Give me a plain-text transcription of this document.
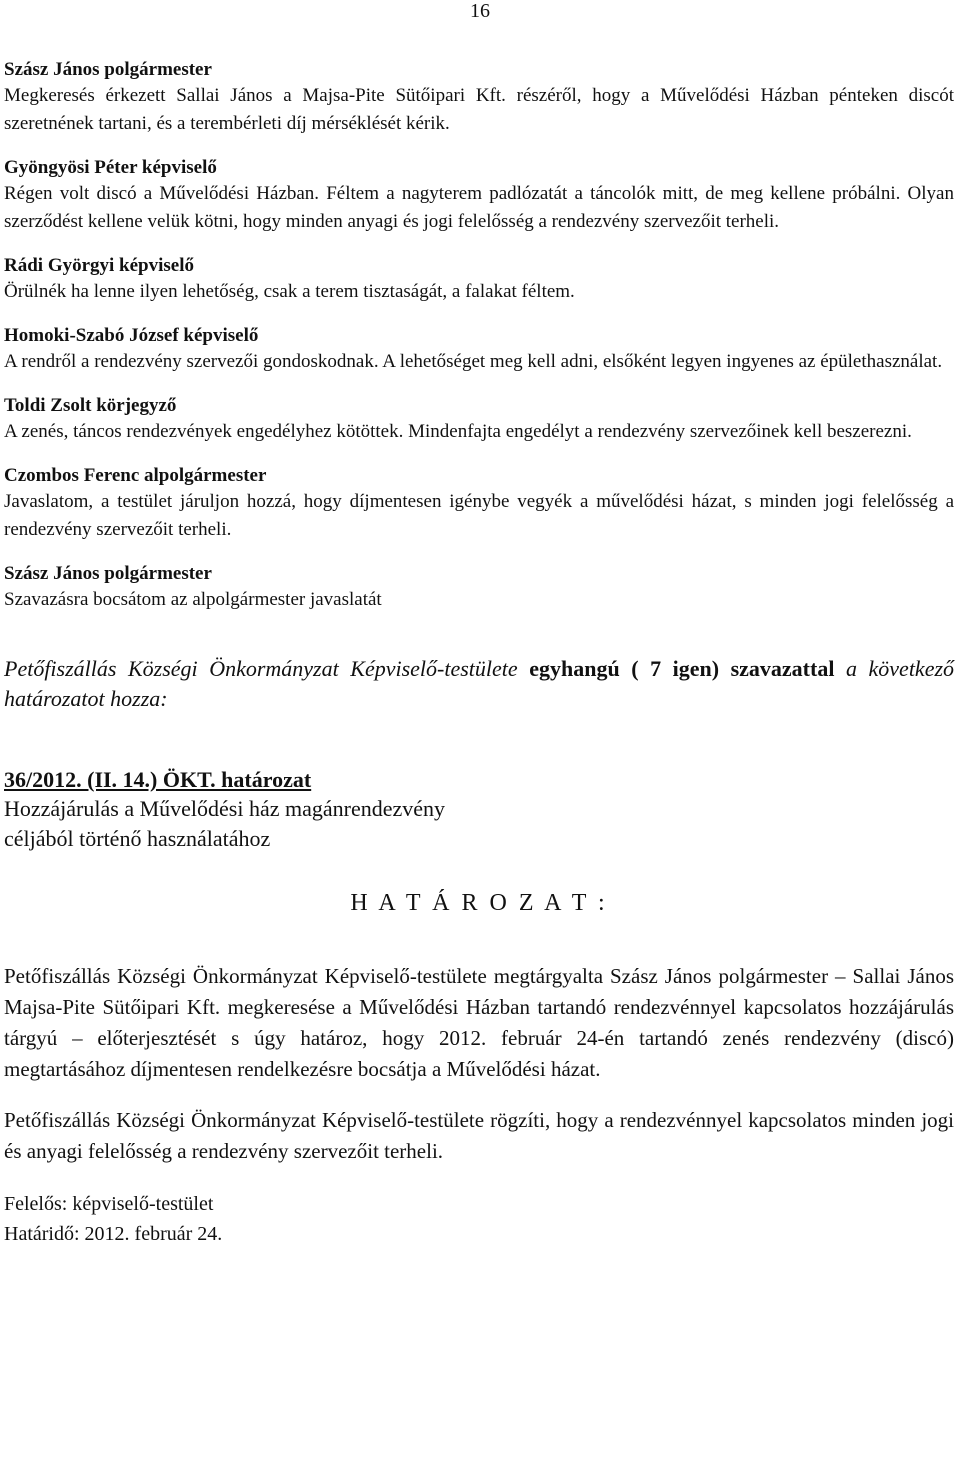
16

Szász János polgármester

Megkeresés érkezett Sallai János a Majsa-Pite Sütőipari Kft. részéről, hogy a Művelődési Házban pénteken discót szeretnének tartani, és a terembérleti díj mérséklését kérik.

Gyöngyösi Péter képviselő

Régen volt discó a Művelődési Házban. Féltem a nagyterem padlózatát a táncolók mitt, de meg kellene próbálni. Olyan szerződést kellene velük kötni, hogy minden anyagi és jogi felelősség a rendezvény szervezőit terheli.

Rádi Györgyi képviselő

Örülnék ha lenne ilyen lehetőség, csak a terem tisztaságát, a falakat féltem.

Homoki-Szabó József képviselő

A rendről a rendezvény szervezői gondoskodnak. A lehetőséget meg kell adni, elsőként legyen ingyenes az épülethasználat.

Toldi Zsolt körjegyző

A zenés, táncos rendezvények engedélyhez kötöttek. Mindenfajta engedélyt a rendezvény szervezőinek kell beszerezni.

Czombos Ferenc alpolgármester

Javaslatom, a testület járuljon hozzá, hogy díjmentesen igénybe vegyék a művelődési házat, s minden jogi felelősség a rendezvény szervezőit terheli.

Szász János polgármester

Szavazásra bocsátom az alpolgármester javaslatát

Petőfiszállás Községi Önkormányzat Képviselő-testülete egyhangú ( 7 igen) szavazattal a következő határozatot hozza:
36/2012. (II. 14.) ÖKT. határozat
Hozzájárulás a Művelődési ház magánrendezvény
céljából történő használatához
H A T Á R O Z A T :

Petőfiszállás Községi Önkormányzat Képviselő-testülete megtárgyalta Szász János polgármester – Sallai János Majsa-Pite Sütőipari Kft. megkeresése a Művelődési Házban tartandó rendezvénnyel kapcsolatos hozzájárulás tárgyú – előterjesztését s úgy határoz, hogy 2012. február 24-én tartandó zenés rendezvény (discó) megtartásához díjmentesen rendelkezésre bocsátja a Művelődési házat.

Petőfiszállás Községi Önkormányzat Képviselő-testülete rögzíti, hogy a rendezvénnyel kapcsolatos minden jogi és anyagi felelősség a rendezvény szervezőit terheli.

Felelős: képviselő-testület
Határidő: 2012. február 24.
